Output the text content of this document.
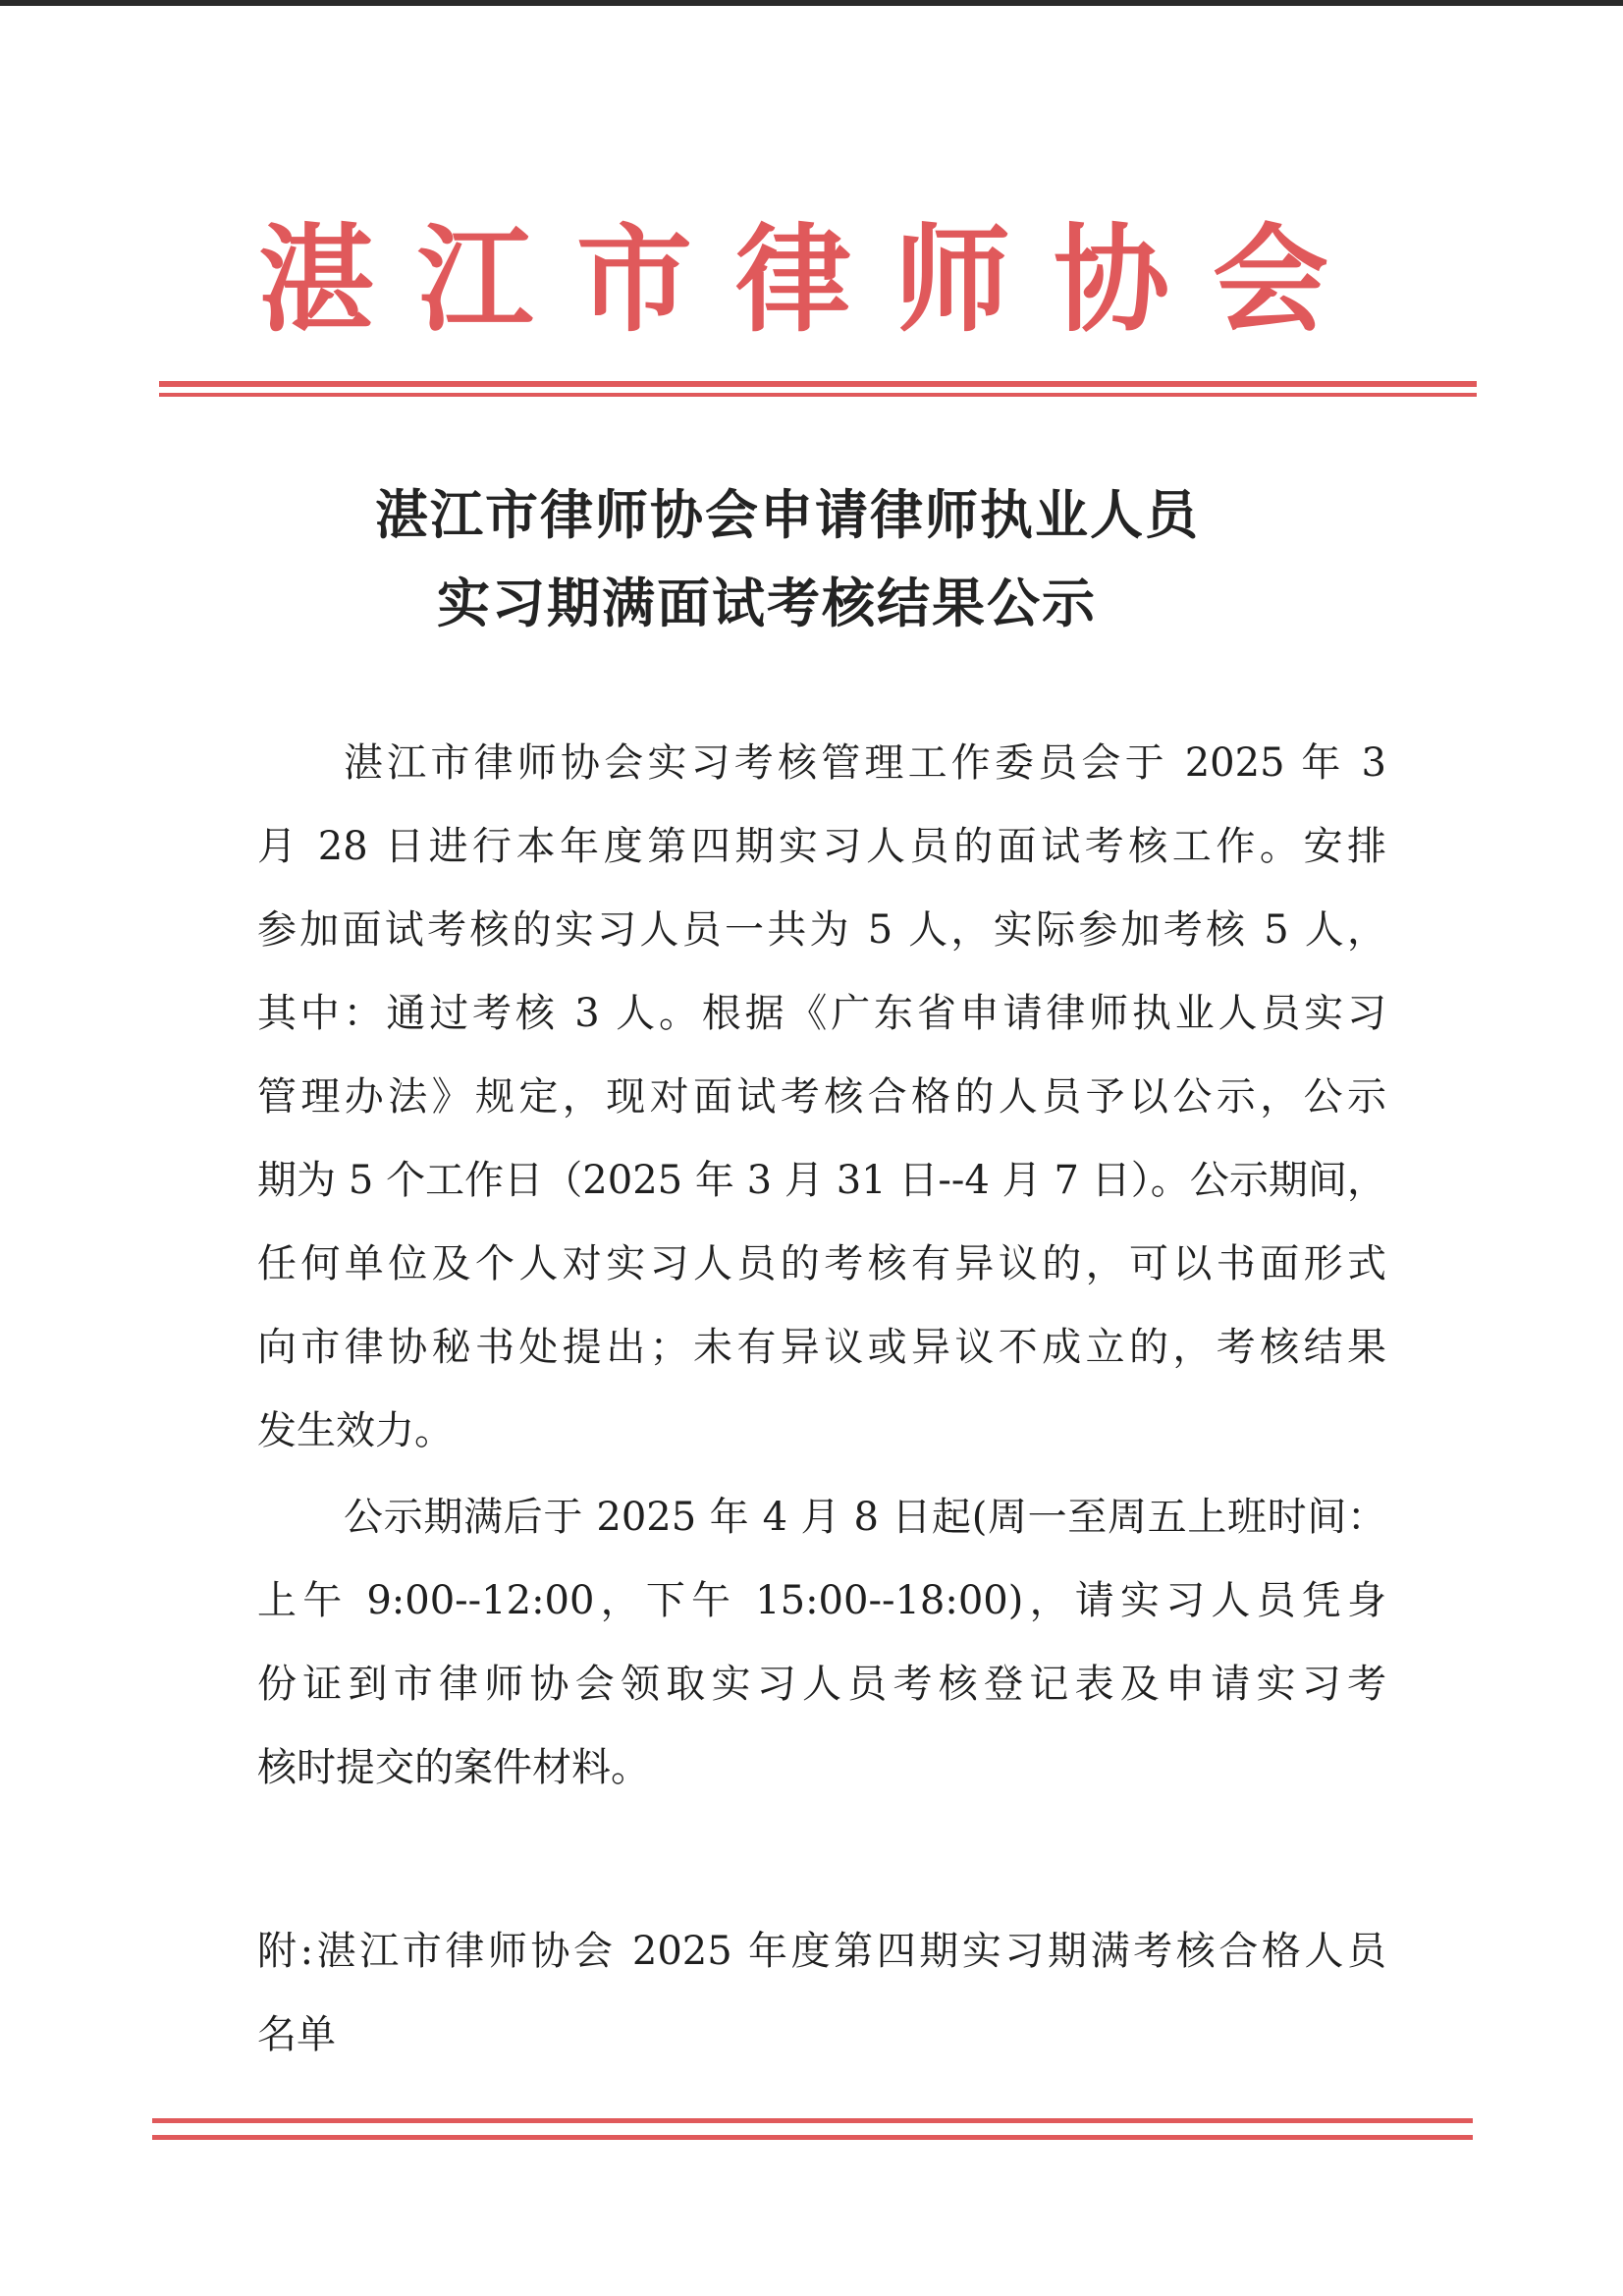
湛江市律师协会
湛江市律师协会申请律师执业人员
实习期满面试考核结果公示
湛江市律师协会实习考核管理工作委员会于 2025 年 3
月 28 日进行本年度第四期实习人员的面试考核工作。安排
参加面试考核的实习人员一共为 5 人，实际参加考核 5 人，
其中：通过考核 3 人。根据《广东省申请律师执业人员实习
管理办法》规定，现对面试考核合格的人员予以公示，公示
期为 5 个工作日（2025 年 3 月 31 日--4 月 7 日）。公示期间，
任何单位及个人对实习人员的考核有异议的，可以书面形式
向市律协秘书处提出；未有异议或异议不成立的，考核结果
发生效力。
公示期满后于 2025 年 4 月 8 日起(周一至周五上班时间：
上午 9:00--12:00，下午 15:00--18:00)，请实习人员凭身
份证到市律师协会领取实习人员考核登记表及申请实习考
核时提交的案件材料。
附:湛江市律师协会 2025 年度第四期实习期满考核合格人员
名单
